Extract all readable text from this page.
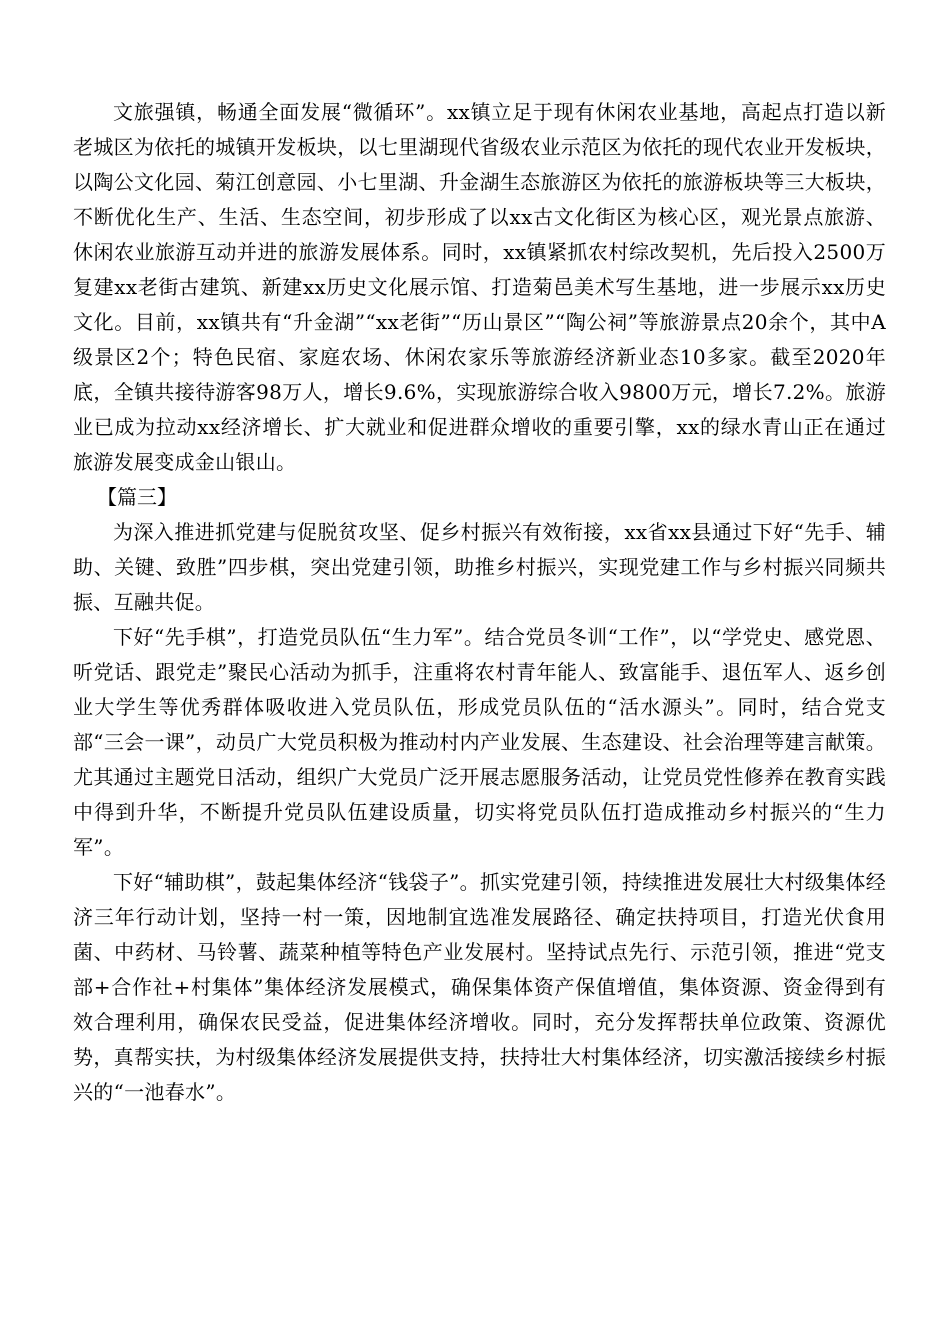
文旅强镇，畅通全面发展“微循环”。xx镇立足于现有休闲农业基地，高起点打造以新老城区为依托的城镇开发板块，以七里湖现代省级农业示范区为依托的现代农业开发板块，以陶公文化园、菊江创意园、小七里湖、升金湖生态旅游区为依托的旅游板块等三大板块，不断优化生产、生活、生态空间，初步形成了以xx古文化街区为核心区，观光景点旅游、休闲农业旅游互动并进的旅游发展体系。同时，xx镇紧抓农村综改契机，先后投入2500万复建xx老街古建筑、新建xx历史文化展示馆、打造菊邑美术写生基地，进一步展示xx历史文化。目前，xx镇共有“升金湖”“xx老街”“历山景区”“陶公祠”等旅游景点20余个，其中A级景区2个；特色民宿、家庭农场、休闲农家乐等旅游经济新业态10多家。截至2020年底，全镇共接待游客98万人，增长9.6%，实现旅游综合收入9800万元，增长7.2%。旅游业已成为拉动xx经济增长、扩大就业和促进群众增收的重要引擎，xx的绿水青山正在通过旅游发展变成金山银山。

【篇三】

为深入推进抓党建与促脱贫攻坚、促乡村振兴有效衔接，xx省xx县通过下好“先手、辅助、关键、致胜”四步棋，突出党建引领，助推乡村振兴，实现党建工作与乡村振兴同频共振、互融共促。

下好“先手棋”，打造党员队伍“生力军”。结合党员冬训“工作”，以“学党史、感党恩、听党话、跟党走”聚民心活动为抓手，注重将农村青年能人、致富能手、退伍军人、返乡创业大学生等优秀群体吸收进入党员队伍，形成党员队伍的“活水源头”。同时，结合党支部“三会一课”，动员广大党员积极为推动村内产业发展、生态建设、社会治理等建言献策。尤其通过主题党日活动，组织广大党员广泛开展志愿服务活动，让党员党性修养在教育实践中得到升华，不断提升党员队伍建设质量，切实将党员队伍打造成推动乡村振兴的“生力军”。

下好“辅助棋”，鼓起集体经济“钱袋子”。抓实党建引领，持续推进发展壮大村级集体经济三年行动计划，坚持一村一策，因地制宜选准发展路径、确定扶持项目，打造光伏食用菌、中药材、马铃薯、蔬菜种植等特色产业发展村。坚持试点先行、示范引领，推进“党支部+合作社+村集体”集体经济发展模式，确保集体资产保值增值，集体资源、资金得到有效合理利用，确保农民受益，促进集体经济增收。同时，充分发挥帮扶单位政策、资源优势，真帮实扶，为村级集体经济发展提供支持，扶持壮大村集体经济，切实激活接续乡村振兴的“一池春水”。
